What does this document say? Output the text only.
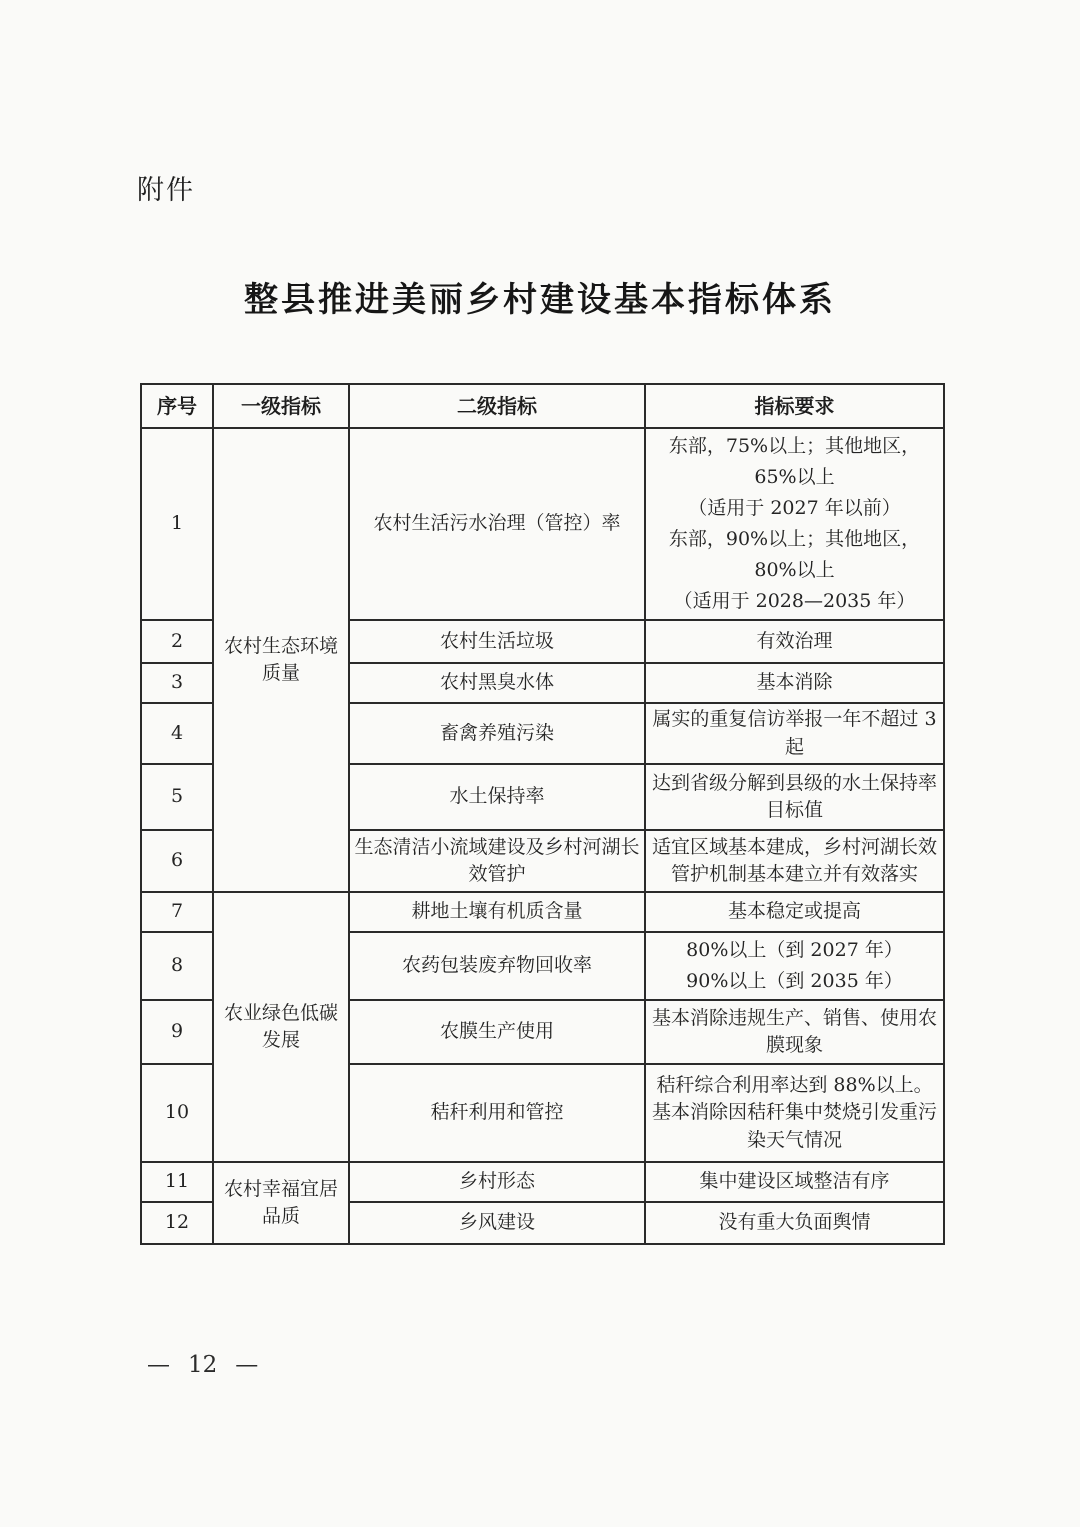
附件
整县推进美丽乡村建设基本指标体系
序号	一级指标	二级指标	指标要求
1	农村生态环境质量	农村生活污水治理（管控）率	东部，75%以上；其他地区，65%以上
（适用于 2027 年以前）
东部，90%以上；其他地区，80%以上
（适用于 2028—2035 年）

2		农村生活垃圾	有效治理
3		农村黑臭水体	基本消除
4		畜禽养殖污染	属实的重复信访举报一年不超过 3 起
5		水土保持率	达到省级分解到县级的水土保持率目标值
6		生态清洁小流域建设及乡村河湖长效管护	适宜区域基本建成，乡村河湖长效管护机制基本建立并有效落实
7	农业绿色低碳发展	耕地土壤有机质含量	基本稳定或提高
8		农药包装废弃物回收率	80%以上（到 2027 年）
90%以上（到 2035 年）

9		农膜生产使用	基本消除违规生产、销售、使用农膜现象
10		秸秆利用和管控	秸秆综合利用率达到 88%以上。基本消除因秸秆集中焚烧引发重污染天气情况
11	农村幸福宜居品质	乡村形态	集中建设区域整洁有序
12		乡风建设	没有重大负面舆情
— 12 —
